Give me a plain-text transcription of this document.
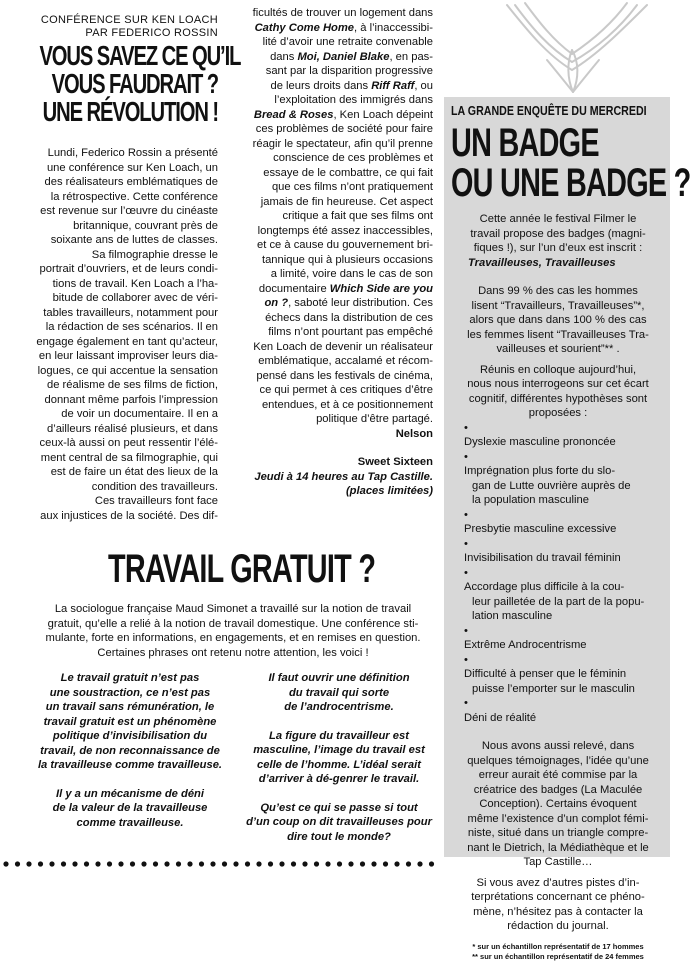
CONFÉRENCE SUR KEN LOACH
PAR FEDERICO ROSSIN
VOUS SAVEZ CE QU’IL
VOUS FAUDRAIT ?
UNE RÉVOLUTION !
Lundi, Federico Rossin a présenté
une conférence sur Ken Loach, un
des réalisateurs emblématiques de
la rétrospective. Cette conférence
est revenue sur l’œuvre du cinéaste
britannique, couvrant près de
soixante ans de luttes de classes.
Sa filmographie dresse le
portrait d’ouvriers, et de leurs condi-
tions de travail. Ken Loach a l’ha-
bitude de collaborer avec de véri-
tables travailleurs, notamment pour
la rédaction de ses scénarios. Il en
engage également en tant qu’acteur,
en leur laissant improviser leurs dia-
logues, ce qui accentue la sensation
de réalisme de ses films de fiction,
donnant même parfois l’impression
de voir un documentaire. Il en a
d’ailleurs réalisé plusieurs, et dans
ceux-là aussi on peut ressentir l’élé-
ment central de sa filmographie, qui
est de faire un état des lieux de la
condition des travailleurs.
Ces travailleurs font face
aux injustices de la société. Des dif-
ficultés de trouver un logement dans
Cathy Come Home, à l’inaccessibi-
lité d’avoir une retraite convenable
dans Moi, Daniel Blake, en pas-
sant par la disparition progressive
de leurs droits dans Riff Raff, ou
l’exploitation des immigrés dans
Bread & Roses, Ken Loach dépeint
ces problèmes de société pour faire
réagir le spectateur, afin qu’il prenne
conscience de ces problèmes et
essaye de le combattre, ce qui fait
que ces films n’ont pratiquement
jamais de fin heureuse. Cet aspect
critique a fait que ses films ont
longtemps été assez inaccessibles,
et ce à cause du gouvernement bri-
tannique qui à plusieurs occasions
a limité, voire dans le cas de son
documentaire Which Side are you
on ?, saboté leur distribution. Ces
échecs dans la distribution de ces
films n’ont pourtant pas empêché
Ken Loach de devenir un réalisateur
emblématique, accalamé et récom-
pensé dans les festivals de cinéma,
ce qui permet à ces critiques d’être
entendues, et à ce positionnement
politique d’être partagé.
Nelson
Sweet Sixteen
Jeudi à 14 heures au Tap Castille.
(places limitées)
LA GRANDE ENQUÊTE DU MERCREDI
UN BADGE
OU UNE BADGE ?
Cette année le festival Filmer le
travail propose des badges (magni-
fiques !), sur l’un d’eux est inscrit :
Travailleuses, Travailleuses
Dans 99 % des cas les hommes
lisent “Travailleurs, Travailleuses”*,
alors que dans dans 100 % des cas
les femmes lisent “Travailleuses Tra-
vailleuses et sourient”** .
Réunis en colloque aujourd’hui,
nous nous interrogeons sur cet écart
cognitif, différentes hypothèses sont
proposées :
• Dyslexie masculine prononcée
• Imprégnation plus forte du slo-
gan de Lutte ouvrière auprès de
la population masculine
• Presbytie masculine excessive
• Invisibilisation du travail féminin
• Accordage plus difficile à la cou-
leur pailletée de la part de la popu-
lation masculine
• Extrême Androcentrisme
• Difficulté à penser que le féminin
puisse l’emporter sur le masculin
• Déni de réalité
Nous avons aussi relevé, dans
quelques témoignages, l’idée qu’une
erreur aurait été commise par la
créatrice des badges (La Maculée
Conception). Certains évoquent
même l’existence d’un complot fémi-
niste, situé dans un triangle compre-
nant le Dietrich, la Médiathèque et le
Tap Castille…
Si vous avez d’autres pistes d’in-
terprétations concernant ce phéno-
mène, n’hésitez pas à contacter la
rédaction du journal.
* sur un échantillon représentatif de 17 hommes
** sur un échantillon représentatif de 24 femmes
TRAVAIL GRATUIT ?
La sociologue française Maud Simonet a travaillé sur la notion de travail
gratuit, qu’elle a relié à la notion de travail domestique. Une conférence sti-
mulante, forte en informations, en engagements, et en remises en question.
Certaines phrases ont retenu notre attention, les voici !
Le travail gratuit n’est pas
une soustraction, ce n’est pas
un travail sans rémunération, le
travail gratuit est un phénomène
politique d’invisibilisation du
travail, de non reconnaissance de
la travailleuse comme travailleuse.
Il y a un mécanisme de déni
de la valeur de la travailleuse
comme travailleuse.
Il faut ouvrir une définition
du travail qui sorte
de l’androcentrisme.
La figure du travailleur est
masculine, l’image du travail est
celle de l’homme. L’idéal serait
d’arriver à dé-genrer le travail.
Qu’est ce qui se passe si tout
d’un coup on dit travailleuses pour
dire tout le monde?
